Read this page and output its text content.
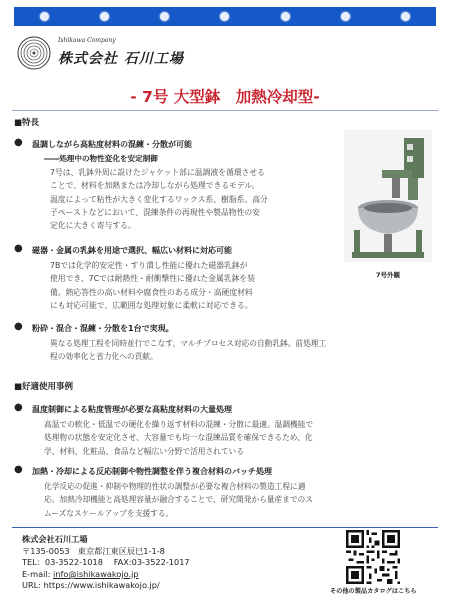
Ishikawa Company
株式会社 石川工場
- 7号 大型鉢　加熱冷却型-
■特長
● 温調しながら高粘度材料の混練・分散が可能
――処理中の物性変化を安定制御
7号は、乳鉢外周に設けたジャケット部に温調液を循環させる
ことで、材料を加熱または冷却しながら処理できるモデル。
温度によって粘性が大きく変化するワックス系、樹脂系、高分
子ペーストなどにおいて、混練条件の再現性や製品物性の安
定化に大きく寄与する。
7号外観
● 磁器・金属の乳鉢を用途で選択、幅広い材料に対応可能
7Bでは化学的安定性・すり潰し性能に優れた磁器乳鉢が
使用でき、7Cでは耐熱性・耐衝撃性に優れた金属乳鉢を装
備。熱応答性の高い材料や腐食性のある成分・高硬度材料
にも対応可能で、広範囲な処理対象に柔軟に対応できる。
● 粉砕・混合・混練・分散を1台で実現。
異なる処理工程を同時並行でこなす、マルチプロセス対応の自動乳鉢。前処理工
程の効率化と省力化への貢献。
■好適使用事例
● 温度制御による粘度管理が必要な高粘度材料の大量処理
高温での軟化・低温での硬化を繰り返す材料の混練・分散に最適。温調機能で
処理物の状態を安定化させ、大容量でも均一な混練品質を確保できるため、化
学、材料、化粧品、食品など幅広い分野で活用されている
● 加熱・冷却による反応制御や物性調整を伴う複合材料のバッチ処理
化学反応の促進・抑制や物理的性状の調整が必要な複合材料の製造工程に適
応。加熱冷却機能と高処理容量が融合することで、研究開発から量産までのス
ムーズなスケールアップを支援する。
株式会社石川工場
〒135-0053　東京都江東区辰巳1-1-8
TEL：03-3522-1018　 FAX:03-3522-1017
E-mail: info@ishikawakojo.jp
URL: https://www.ishikawakojo.jp/
その他の製品カタログはこちら
